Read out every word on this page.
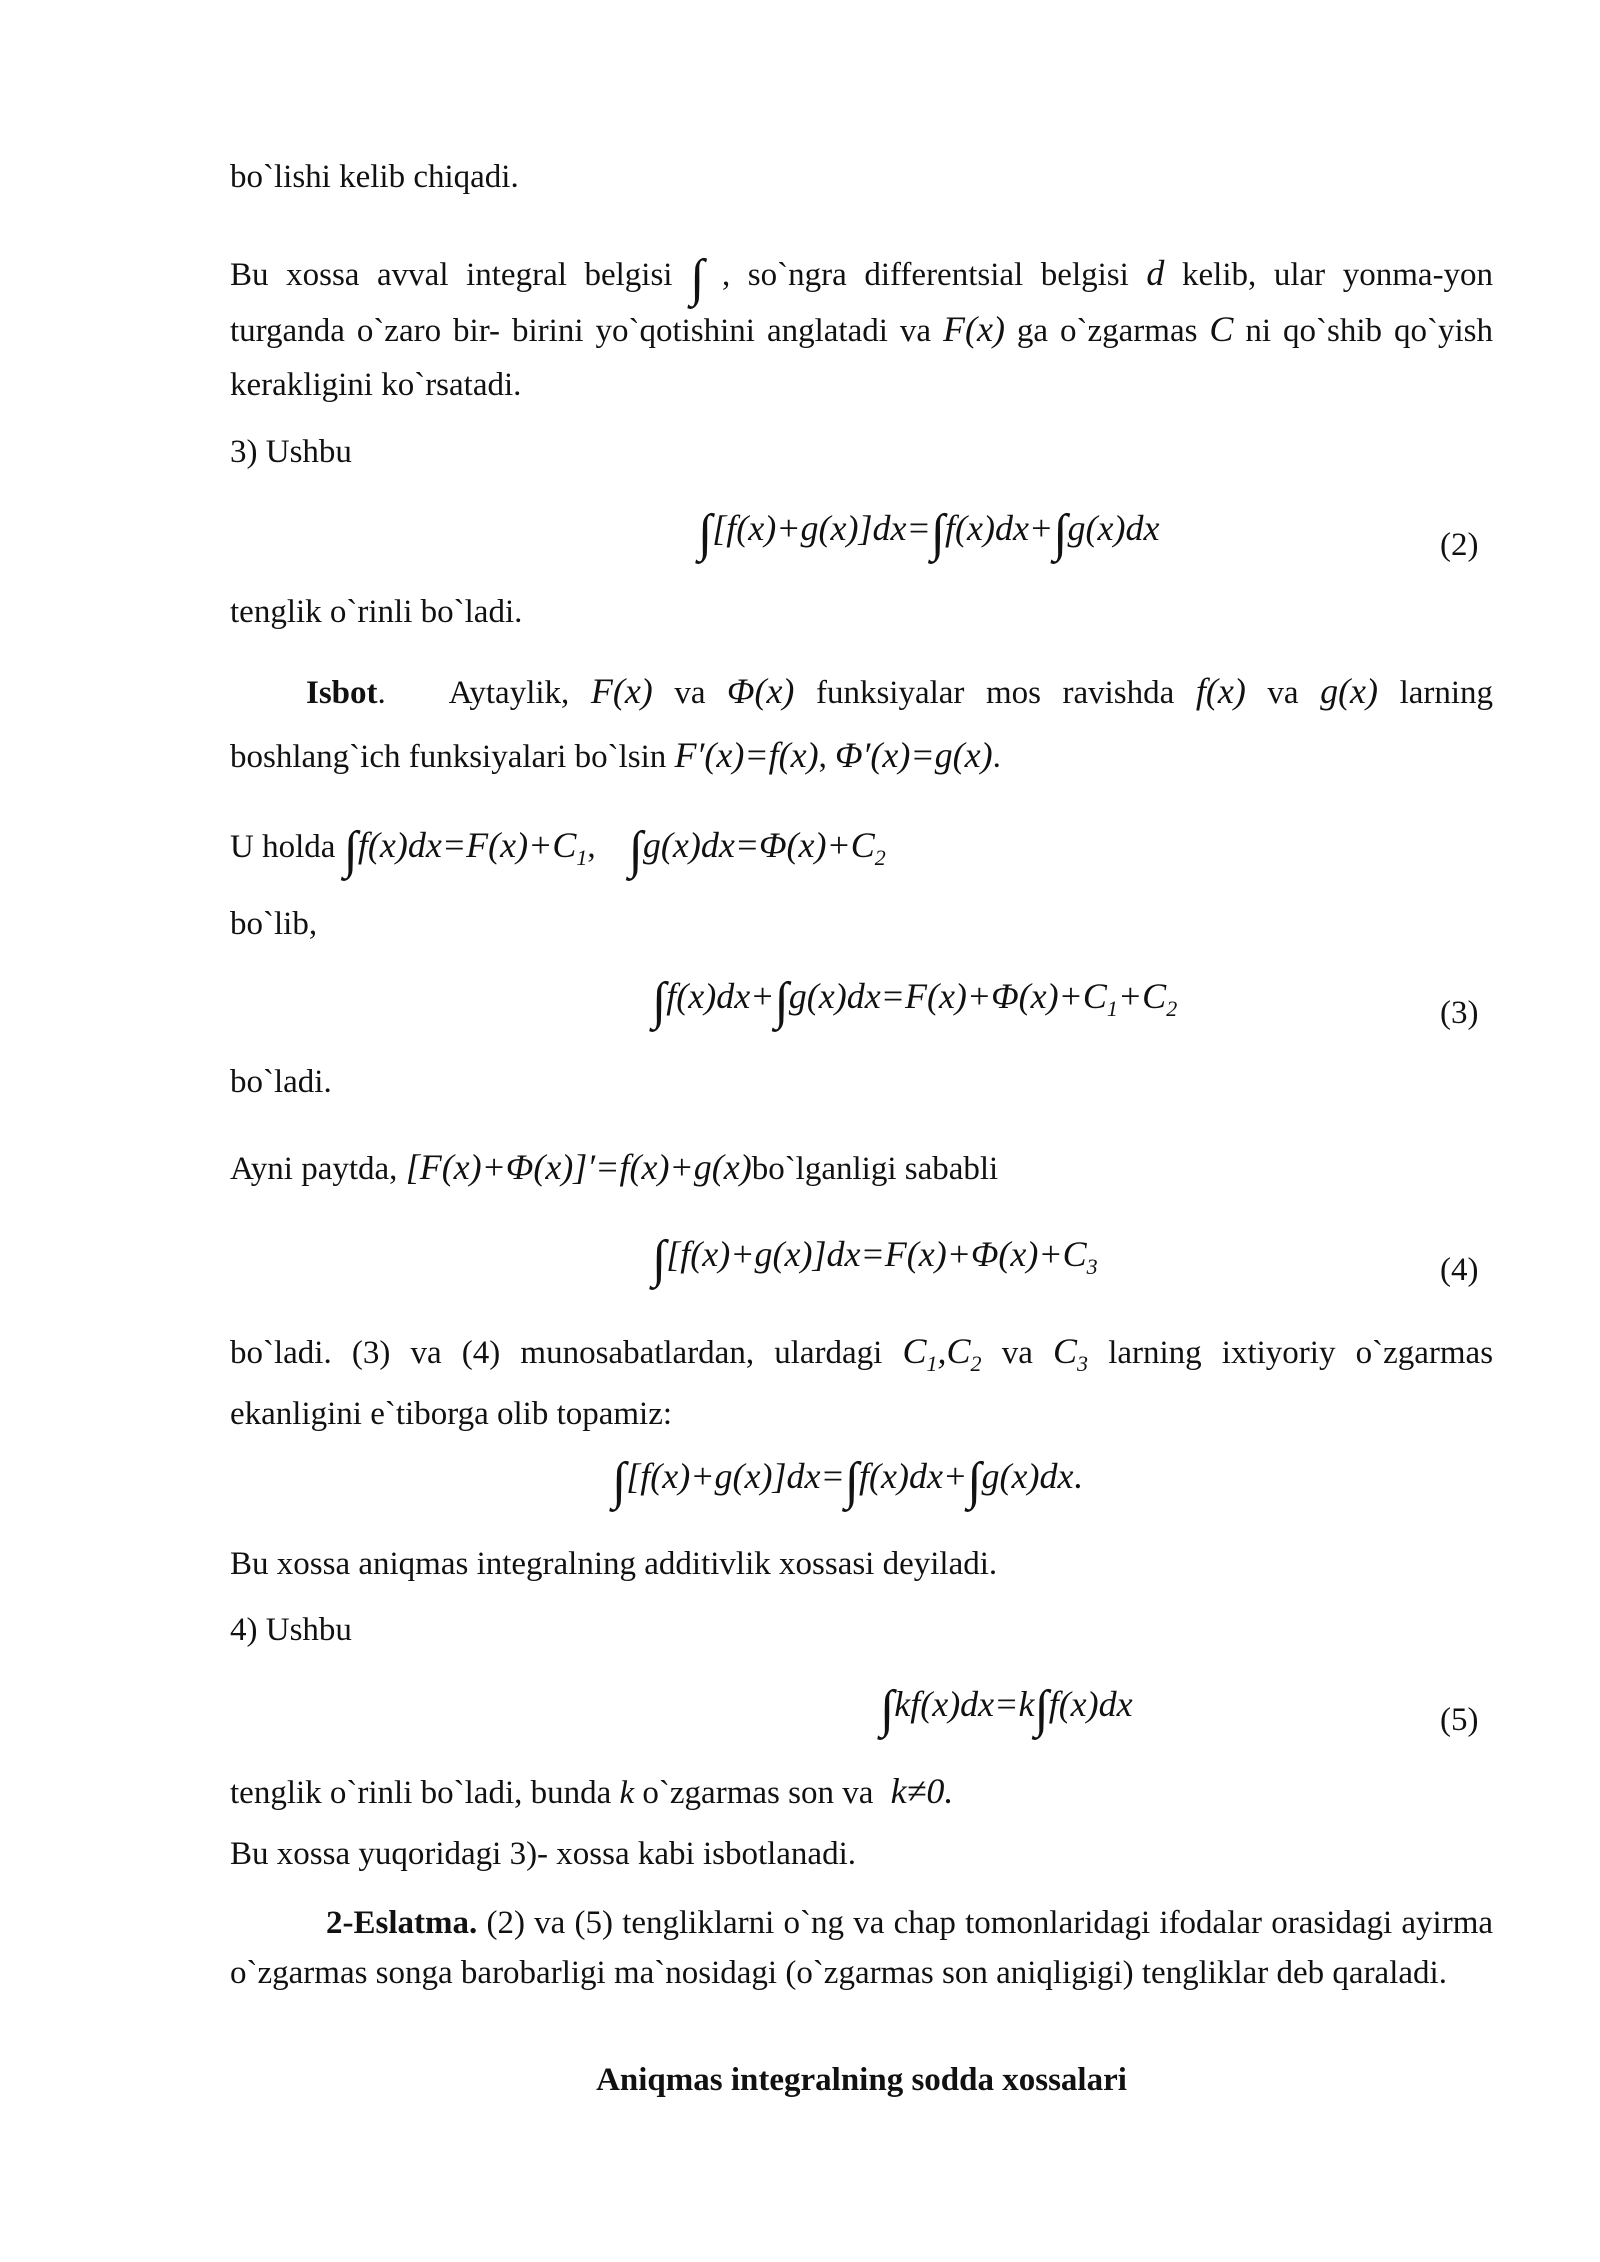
bo`lishi kelib chiqadi.
Bu xossa avval integral belgisi ∫ , so`ngra differentsial belgisi d kelib, ular yonma-yon turganda o`zaro bir- birini yo`qotishini anglatadi va F(x) ga o`zgarmas C ni qo`shib qo`yish kerakligini ko`rsatadi.
3) Ushbu
∫[f(x)+g(x)]dx=∫f(x)dx+∫g(x)dx	(2)
tenglik o`rinli bo`ladi.
Isbot.   Aytaylik, F(x) va Φ(x) funksiyalar mos ravishda f(x) va g(x) larning boshlang`ich funksiyalari bo`lsin F′(x)=f(x), Φ′(x)=g(x).
U holda $\int f(x)dx=F(x)+C_1$,    $\int g(x)dx=\Phi(x)+C_2$
bo`lib,
$\int f(x)dx+\int g(x)dx=F(x)+\Phi(x)+C_1+C_2$	(3)
bo`ladi.
Ayni paytda, [F(x)+Φ(x)]′=f(x)+g(x)bo`lganligi sababli
$\int[f(x)+g(x)]dx=F(x)+\Phi(x)+C_3$	(4)
bo`ladi. (3) va (4) munosabatlardan, ulardagi $C_1,C_2$ va $C_3$ larning ixtiyoriy o`zgarmas ekanligini e`tiborga olib topamiz:
∫[f(x)+g(x)]dx=∫f(x)dx+∫g(x)dx.
Bu xossa aniqmas integralning additivlik xossasi deyiladi.
4) Ushbu
∫kf(x)dx=k∫f(x)dx	(5)
tenglik o`rinli bo`ladi, bunda k o`zgarmas son va  k≠0.
Bu xossa yuqoridagi 3)- xossa kabi isbotlanadi.
2-Eslatma. (2) va (5) tengliklarni o`ng va chap tomonlaridagi ifodalar orasidagi ayirma o`zgarmas songa barobarligi ma`nosidagi (o`zgarmas son aniqligigi) tengliklar deb qaraladi.
Aniqmas integralning sodda xossalari
